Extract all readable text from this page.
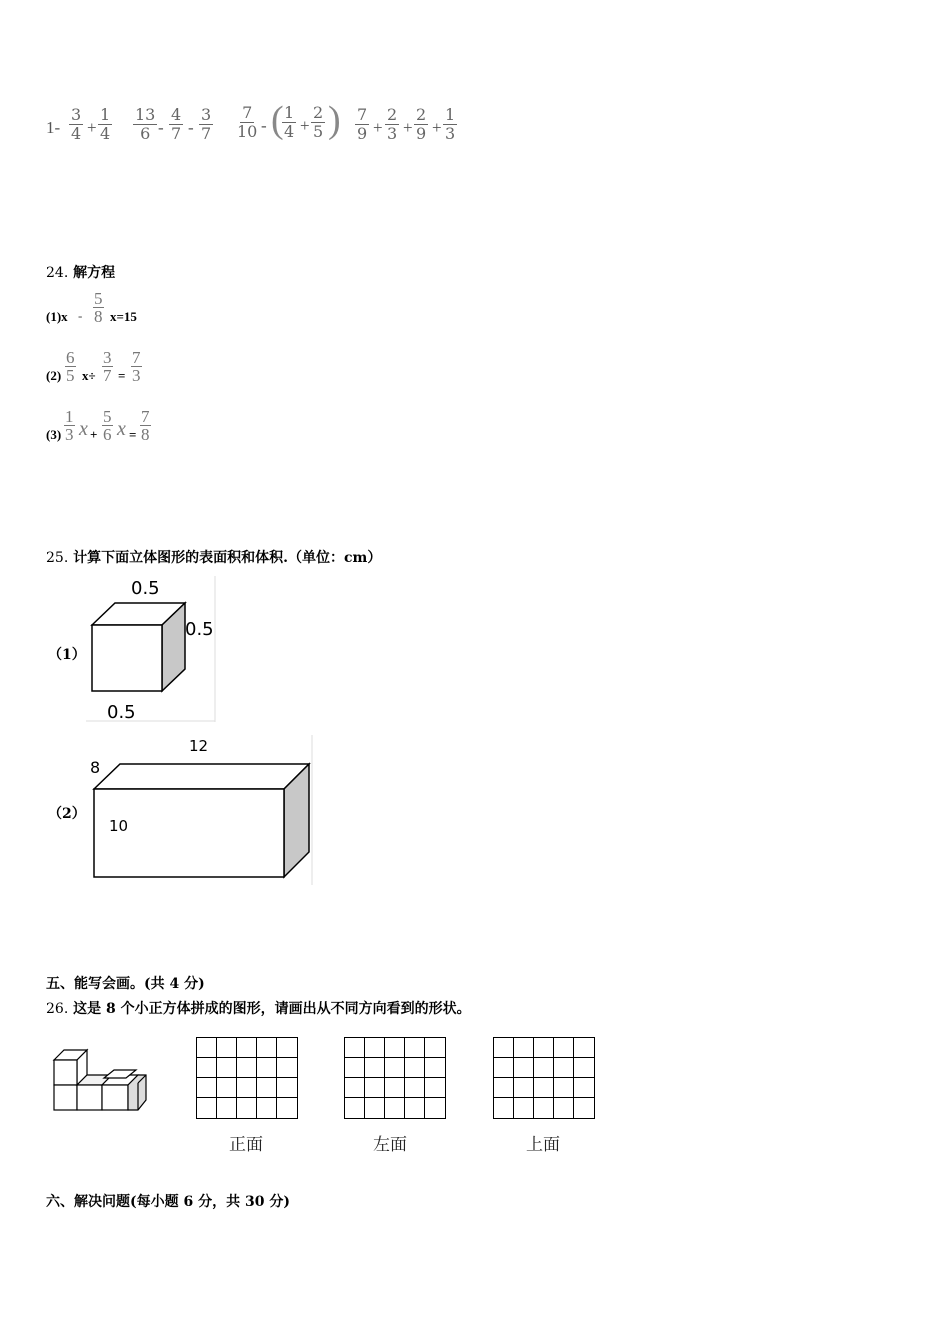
$1- \frac{3}{4} + \frac{1}{4} \frac{13}{6} - \frac{4}{7} - \frac{3}{7} \frac{7}{10}$ - (
$\frac{1}{4} + \frac{2}{5}$ ) $\frac{7}{9} + \frac{2}{3} + \frac{2}{9} + \frac{1}{3}$
24. 解方程
(1)x -
5
8 x=15
(2)
6
5 x÷
3
7 =
7
3
(3)
1
3 x +
5
6 x =
7
8
25. 计算下面立体图形的表面积和体积.（单位：cm）
（1）
0.5
0.5
0.5
（2）
8
12
10
五、能写会画。(共 4 分)
26. 这是 8 个小正方体拼成的图形，请画出从不同方向看到的形状。
正面	左面	上面
六、解决问题(每小题 6 分，共 30 分)
